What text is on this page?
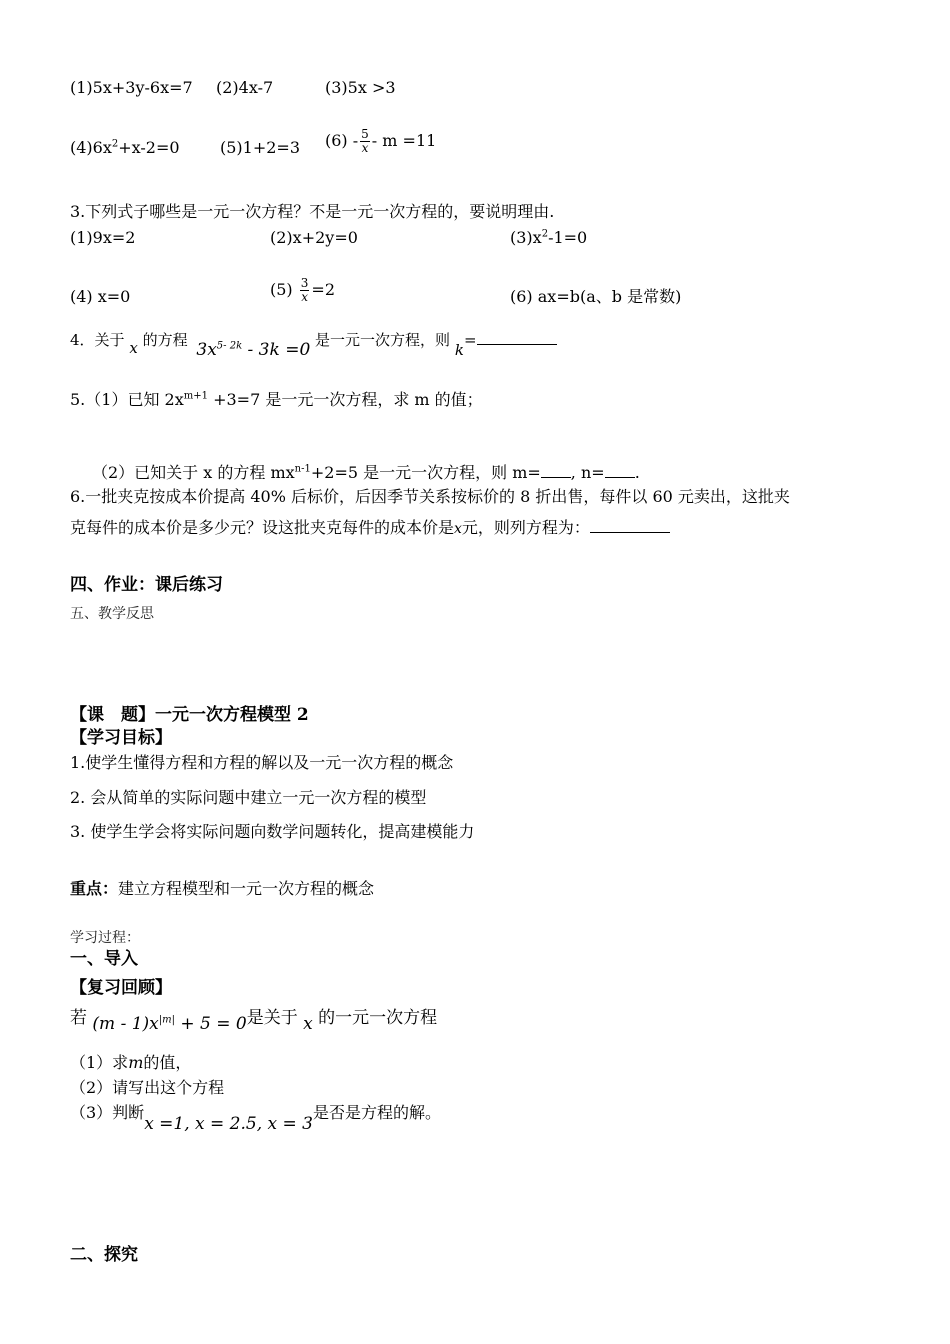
(1)5x+3y-6x=7 (2)4x-7	(3)5x >3
$(4)6x^2+x-2=0$	(5)1+2=3 $(6) - \frac{5}{x} - m =11$
3.下列式子哪些是一元一次方程？不是一元一次方程的，要说明理由.
(1)9x=2	(2)x+2y=0	$(3)x^2-1=0$
(4) x=0	$(5) \frac{3}{x} =2$	(6) ax=b(a、b 是常数)
4．关于 x 的方程 $3x^{5- 2k} - 3k =0$ 是一元一次方程，则 k=
5.（1）已知 $2x^{m+1} +3=7$ 是一元一次方程，求 m 的值；
（2）已知关于 x 的方程 $mx^{n-1}+2=5$ 是一元一次方程，则 m= , n= .
6.一批夹克按成本价提高 40% 后标价，后因季节关系按标价的 8 折出售，每件以 60 元卖出，这批夹
克每件的成本价是多少元？设这批夹克每件的成本价是x元，则列方程为：
四、作业：课后练习
五、教学反思
【课　题】一元一次方程模型 2
【学习目标】
1.使学生懂得方程和方程的解以及一元一次方程的概念
2. 会从简单的实际问题中建立一元一次方程的模型
3. 使学生学会将实际问题向数学问题转化，提高建模能力
重点：建立方程模型和一元一次方程的概念
学习过程：
一、导入
【复习回顾】
若 $(m - 1)x^{|m|} + 5 = 0$是关于 x 的一元一次方程
（1）求m的值，
（2）请写出这个方程
（3）判断x =1, x = 2.5, x = 3是否是方程的解。
二、探究
